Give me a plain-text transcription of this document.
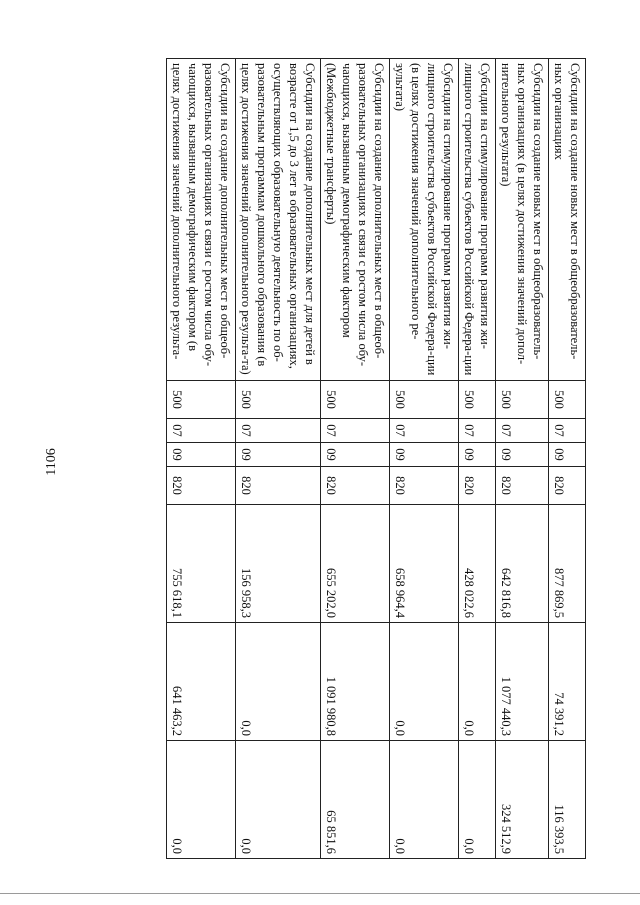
1106
Субсидии на создание новых мест в общеобразователь-ных организациях	500	07	09	820	877 869,5	74 391,2	116 393,5
Субсидии на создание новых мест в общеобразователь-ных организациях (в целях достижения значений допол-нительного результата)	500	07	09	820	642 816,8	1 077 440,3	324 512,9
Субсидии на стимулирование программ развития жи-лищного строительства субъектов Российской Федера-ции	500	07	09	820	428 022,6	0,0	0,0
Субсидии на стимулирование программ развития жи-лищного строительства субъектов Российской Федера-ции (в целях достижения значений дополнительного ре-зультата)	500	07	09	820	658 964,4	0,0	0,0
Субсидии на создание дополнительных мест в общеоб-разовательных организациях в связи с ростом числа обу-чающихся, вызванным демографическим фактором (Межбюджетные трансферты)	500	07	09	820	655 202,0	1 091 980,8	65 851,6
Субсидии на создание дополнительных мест для детей в возрасте от 1,5 до 3 лет в образовательных организациях, осуществляющих образовательную деятельность по об-разовательным программам дошкольного образования (в целях достижения значений дополнительного результа-та)	500	07	09	820	156 958,3	0,0	0,0
Субсидии на создание дополнительных мест в общеоб-разовательных организациях в связи с ростом числа обу-чающихся, вызванным демографическим фактором (в целях достижения значений дополнительного результа-	500	07	09	820	755 618,1	641 463,2	0,0
